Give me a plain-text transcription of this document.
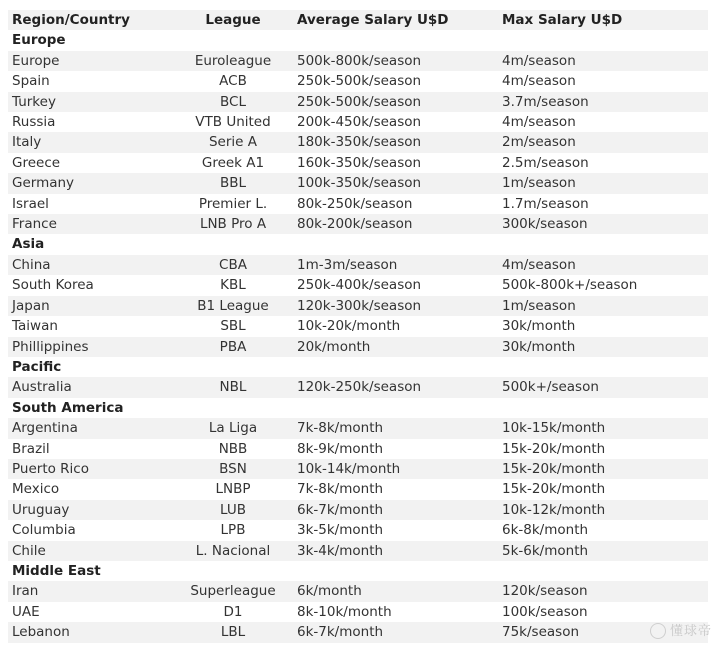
Region/Country	League	Average Salary U$D	Max Salary U$D
Europe			
Europe	Euroleague	500k-800k/season	4m/season
Spain	ACB	250k-500k/season	4m/season
Turkey	BCL	250k-500k/season	3.7m/season
Russia	VTB United	200k-450k/season	4m/season
Italy	Serie A	180k-350k/season	2m/season
Greece	Greek A1	160k-350k/season	2.5m/season
Germany	BBL	100k-350k/season	1m/season
Israel	Premier L.	80k-250k/season	1.7m/season
France	LNB Pro A	80k-200k/season	300k/season
Asia			
China	CBA	1m-3m/season	4m/season
South Korea	KBL	250k-400k/season	500k-800k+/season
Japan	B1 League	120k-300k/season	1m/season
Taiwan	SBL	10k-20k/month	30k/month
Phillippines	PBA	20k/month	30k/month
Pacific			
Australia	NBL	120k-250k/season	500k+/season
South America			
Argentina	La Liga	7k-8k/month	10k-15k/month
Brazil	NBB	8k-9k/month	15k-20k/month
Puerto Rico	BSN	10k-14k/month	15k-20k/month
Mexico	LNBP	7k-8k/month	15k-20k/month
Uruguay	LUB	6k-7k/month	10k-12k/month
Columbia	LPB	3k-5k/month	6k-8k/month
Chile	L. Nacional	3k-4k/month	5k-6k/month
Middle East			
Iran	Superleague	6k/month	120k/season
UAE	D1	8k-10k/month	100k/season
Lebanon	LBL	6k-7k/month	75k/season	懂球帝
